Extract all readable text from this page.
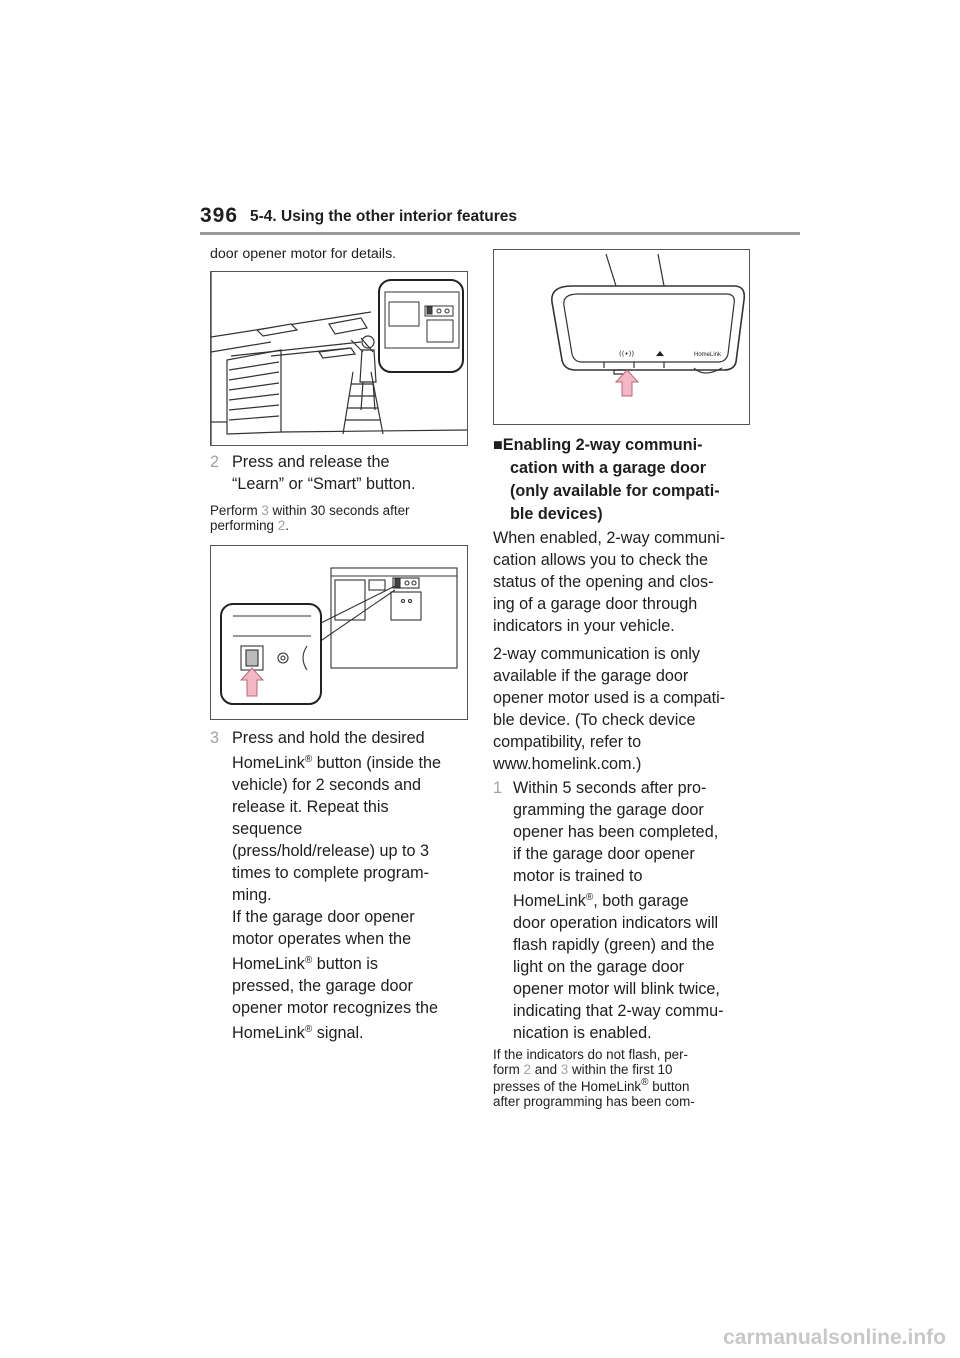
396 5-4. Using the other interior features
door opener motor for details.
2 Press and release the
“Learn” or “Smart” button.
Perform 3 within 30 seconds after
performing 2.
3 Press and hold the desired
HomeLink® button (inside the
vehicle) for 2 seconds and
release it. Repeat this
sequence
(press/hold/release) up to 3
times to complete program-
ming.
If the garage door opener
motor operates when the
HomeLink® button is
pressed, the garage door
opener motor recognizes the
HomeLink® signal.
((•))	HomeLink
■Enabling 2-way communi-
cation with a garage door
(only available for compati-
ble devices)
When enabled, 2-way communi-
cation allows you to check the
status of the opening and clos-
ing of a garage door through
indicators in your vehicle.
2-way communication is only
available if the garage door
opener motor used is a compati-
ble device. (To check device
compatibility, refer to
www.homelink.com.)
1 Within 5 seconds after pro-
gramming the garage door
opener has been completed,
if the garage door opener
motor is trained to
HomeLink®, both garage
door operation indicators will
flash rapidly (green) and the
light on the garage door
opener motor will blink twice,
indicating that 2-way commu-
nication is enabled.
If the indicators do not flash, per-
form 2 and 3 within the first 10
presses of the HomeLink® button
after programming has been com-
carmanualsonline.info
